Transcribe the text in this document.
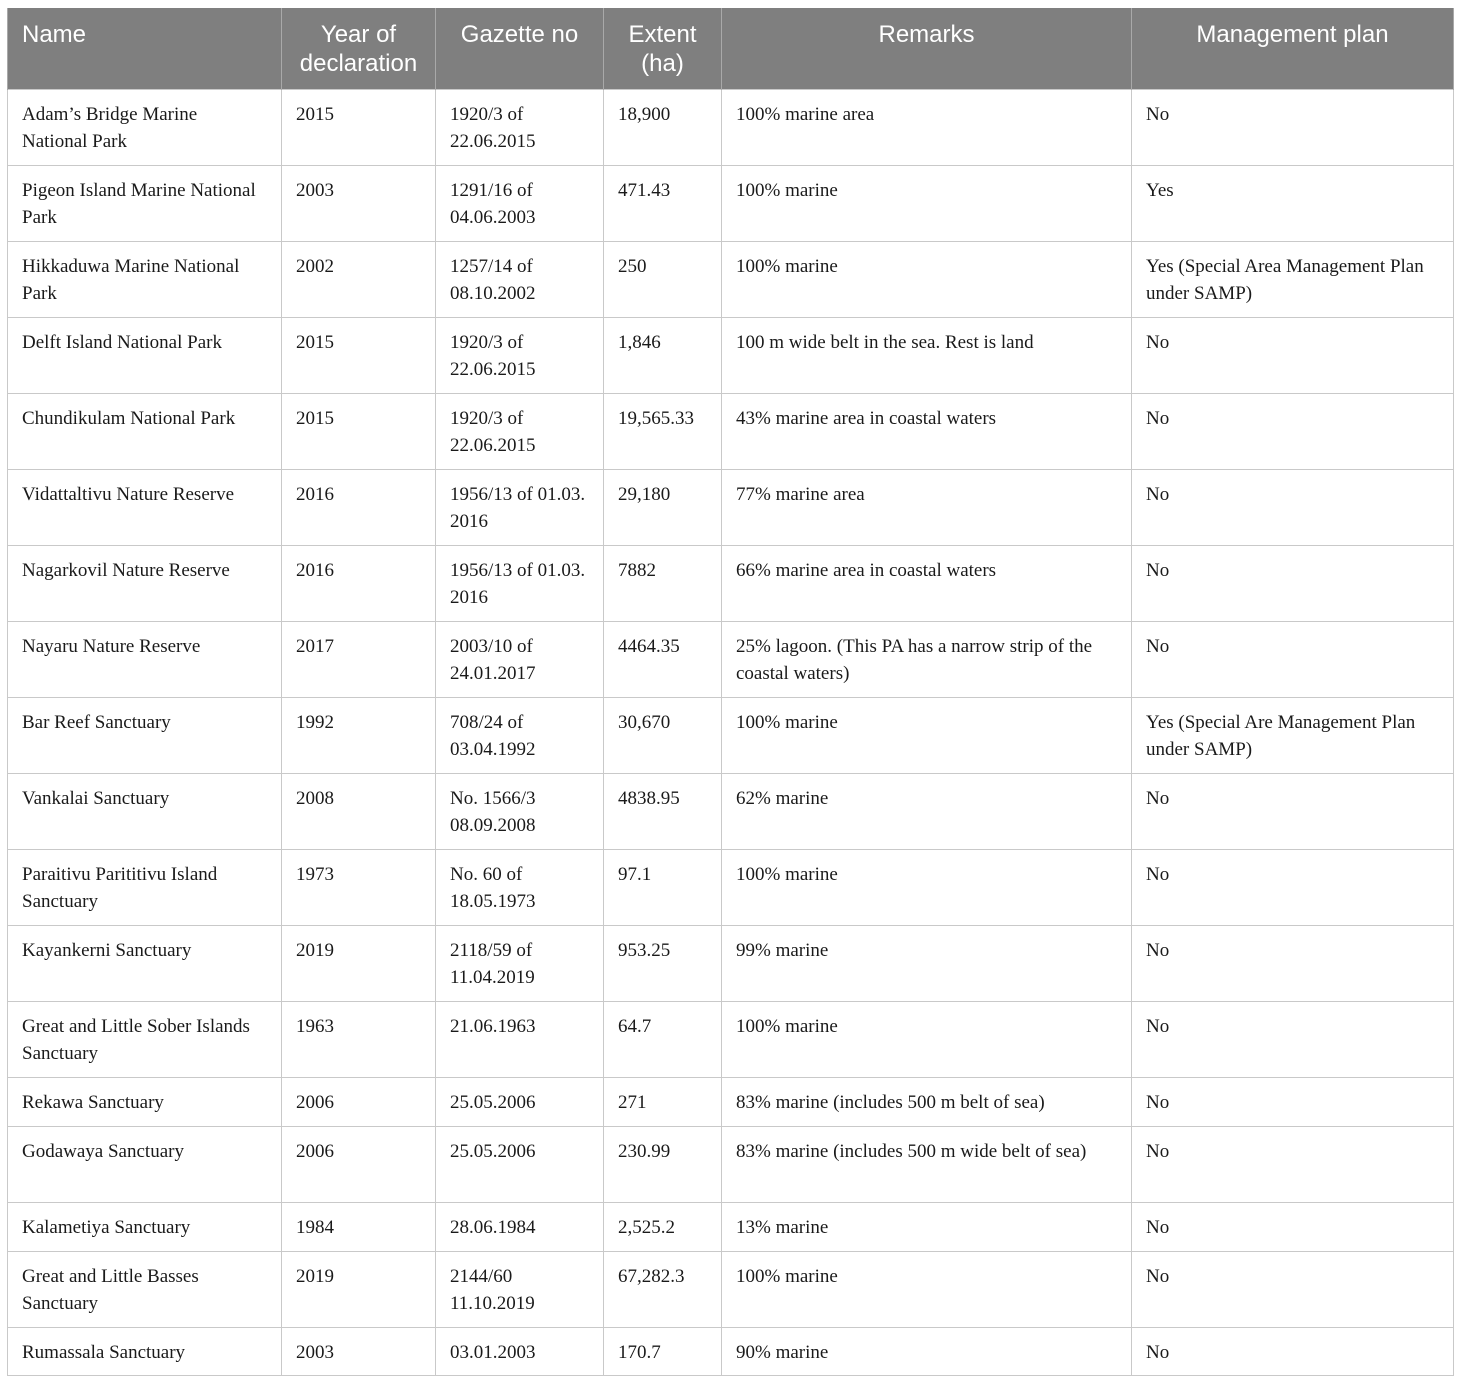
Name	Year of declaration	Gazette no	Extent (ha)	Remarks	Management plan
Adam’s Bridge Marine National Park	2015	1920/3 of 22.06.2015	18,900	100% marine area	No
Pigeon Island Marine National Park	2003	1291/16 of 04.06.2003	471.43	100% marine	Yes
Hikkaduwa Marine National Park	2002	1257/14 of 08.10.2002	250	100% marine	Yes (Special Area Management Plan under SAMP)
Delft Island National Park	2015	1920/3 of 22.06.2015	1,846	100 m wide belt in the sea. Rest is land	No
Chundikulam National Park	2015	1920/3 of 22.06.2015	19,565.33	43% marine area in coastal waters	No
Vidattaltivu Nature Reserve	2016	1956/13 of 01.03. 2016	29,180	77% marine area	No
Nagarkovil Nature Reserve	2016	1956/13 of 01.03. 2016	7882	66% marine area in coastal waters	No
Nayaru Nature Reserve	2017	2003/10 of 24.01.2017	4464.35	25% lagoon. (This PA has a narrow strip of the coastal waters)	No
Bar Reef Sanctuary	1992	708/24 of 03.04.1992	30,670	100% marine	Yes (Special Are Management Plan under SAMP)
Vankalai Sanctuary	2008	No. 1566/3 08.09.2008	4838.95	62% marine	No
Paraitivu Parititivu Island Sanctuary	1973	No. 60 of 18.05.1973	97.1	100% marine	No
Kayankerni Sanctuary	2019	2118/59 of 11.04.2019	953.25	99% marine	No
Great and Little Sober Islands Sanctuary	1963	21.06.1963	64.7	100% marine	No
Rekawa Sanctuary	2006	25.05.2006	271	83% marine (includes 500 m belt of sea)	No
Godawaya Sanctuary	2006	25.05.2006	230.99	83% marine (includes 500 m wide belt of sea)	No
Kalametiya Sanctuary	1984	28.06.1984	2,525.2	13% marine	No
Great and Little Basses Sanctuary	2019	2144/60 11.10.2019	67,282.3	100% marine	No
Rumassala Sanctuary	2003	03.01.2003	170.7	90% marine	No
